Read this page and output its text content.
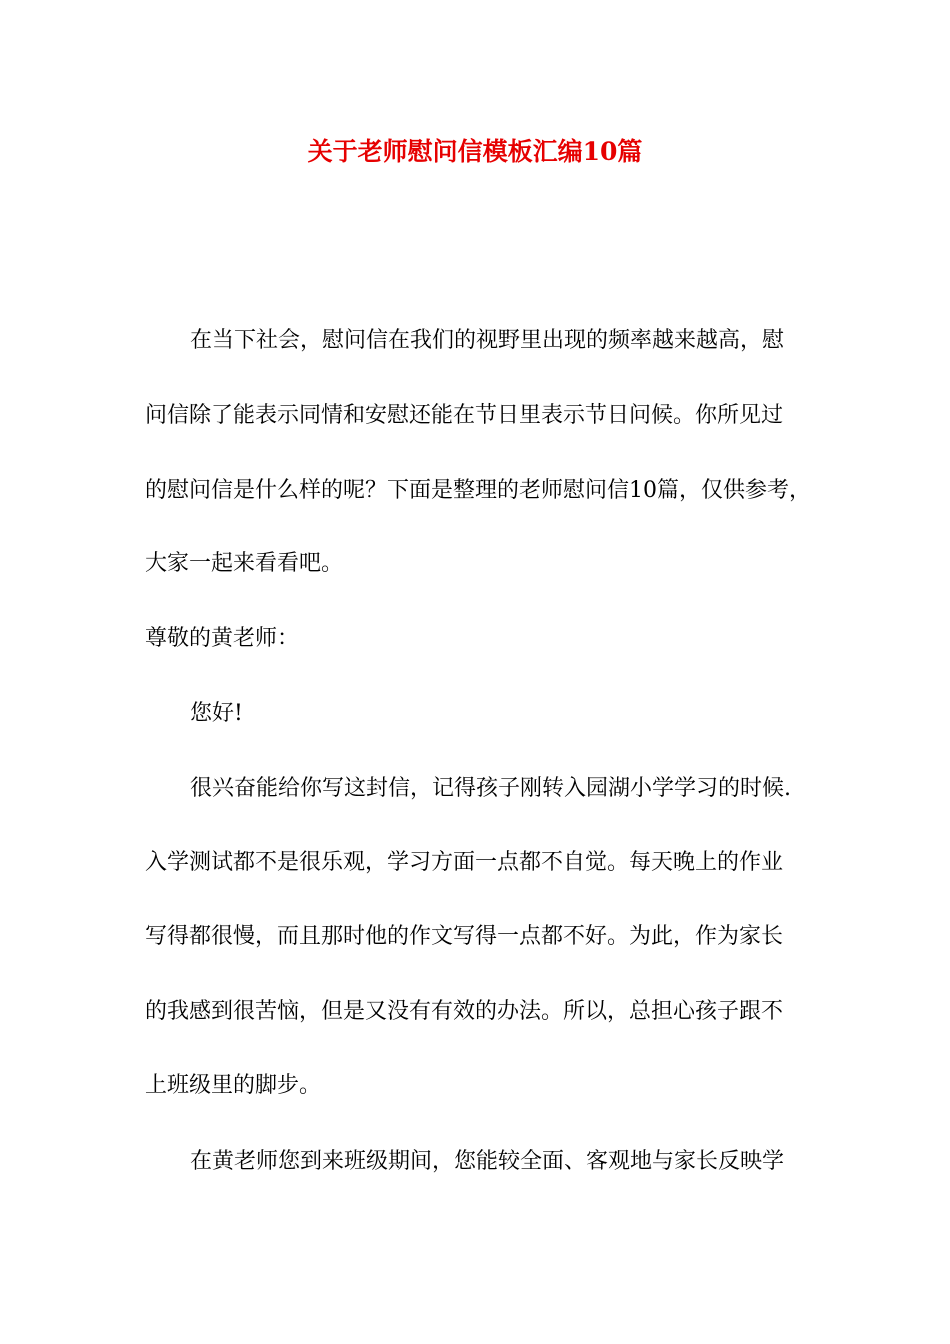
关于老师慰问信模板汇编10篇

在当下社会，慰问信在我们的视野里出现的频率越来越高，慰

问信除了能表示同情和安慰还能在节日里表示节日问候。你所见过

的慰问信是什么样的呢？下面是整理的老师慰问信10篇，仅供参考，

大家一起来看看吧。

尊敬的黄老师：

您好!

很兴奋能给你写这封信，记得孩子刚转入园湖小学学习的时候.

入学测试都不是很乐观，学习方面一点都不自觉。每天晚上的作业

写得都很慢，而且那时他的作文写得一点都不好。为此，作为家长

的我感到很苦恼，但是又没有有效的办法。所以，总担心孩子跟不

上班级里的脚步。

在黄老师您到来班级期间，您能较全面、客观地与家长反映学
